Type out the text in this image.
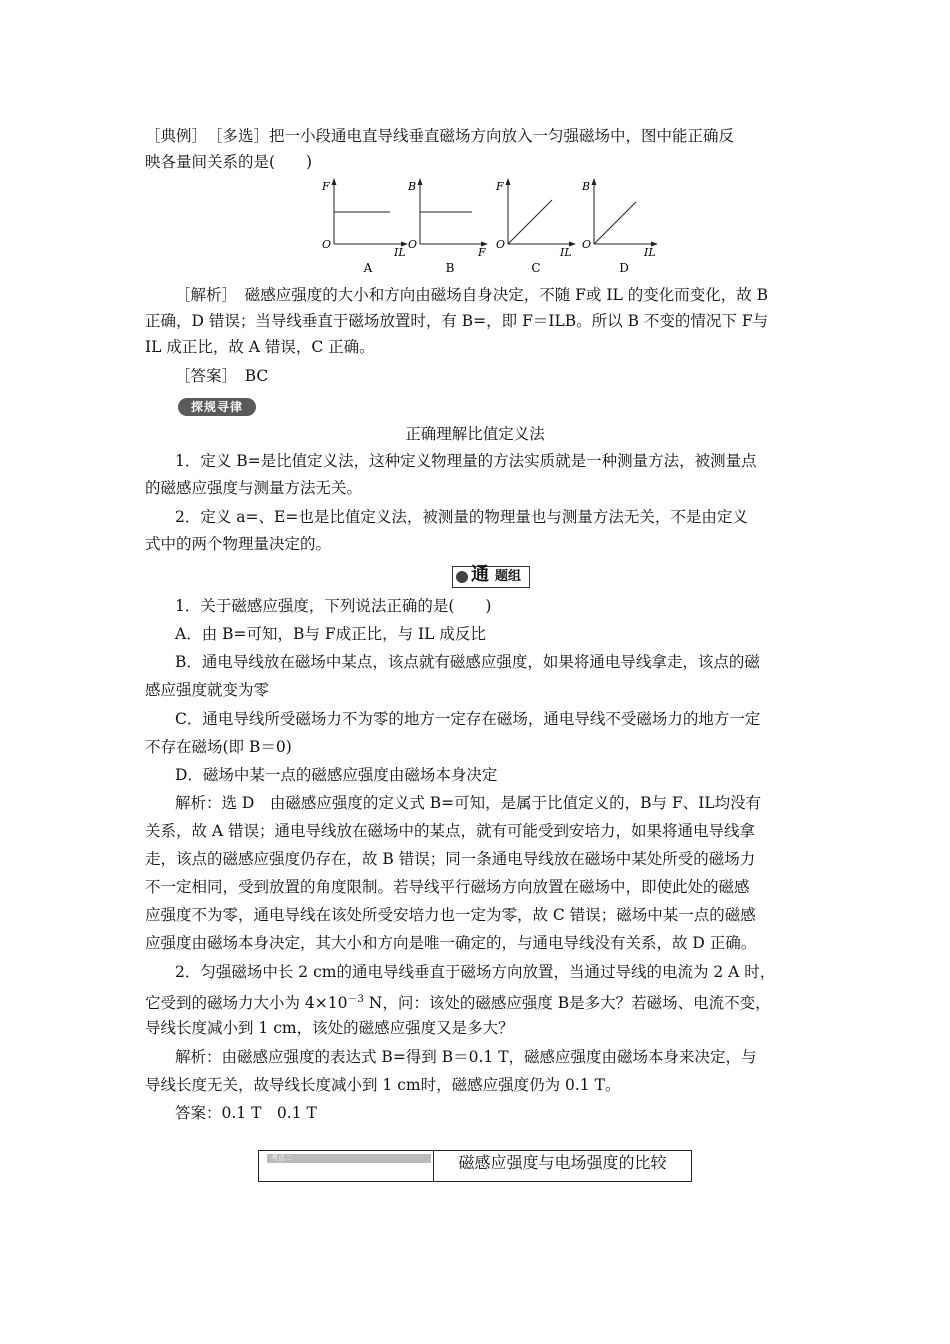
［典例］　［多选］把一小段通电直导线垂直磁场方向放入一匀强磁场中，图中能正确反
映各量间关系的是(　　)
F
O
IL
A
B
O
F
B
F
O
IL
C
B
O
IL
D
［解析］　磁感应强度的大小和方向由磁场自身决定，不随 F或 IL 的变化而变化，故 B
正确，D 错误；当导线垂直于磁场放置时，有 B=，即 F＝ILB。所以 B 不变的情况下 F与
IL 成正比，故 A 错误，C 正确。
［答案］　BC
探规寻律
正确理解比值定义法
1．定义 B=是比值定义法，这种定义物理量的方法实质就是一种测量方法，被测量点
的磁感应强度与测量方法无关。
2．定义 a=、E=也是比值定义法，被测量的物理量也与测量方法无关，不是由定义
式中的两个物理量决定的。
通 题组
1．关于磁感应强度，下列说法正确的是(　　)
A．由 B=可知，B与 F成正比，与 IL 成反比
B．通电导线放在磁场中某点，该点就有磁感应强度，如果将通电导线拿走，该点的磁
感应强度就变为零
C．通电导线所受磁场力不为零的地方一定存在磁场，通电导线不受磁场力的地方一定
不存在磁场(即 B＝0)
D．磁场中某一点的磁感应强度由磁场本身决定
解析：选 D　由磁感应强度的定义式 B=可知，是属于比值定义的，B与 F、IL均没有
关系，故 A 错误；通电导线放在磁场中的某点，就有可能受到安培力，如果将通电导线拿
走，该点的磁感应强度仍存在，故 B 错误；同一条通电导线放在磁场中某处所受的磁场力
不一定相同，受到放置的角度限制。若导线平行磁场方向放置在磁场中，即使此处的磁感
应强度不为零，通电导线在该处所受安培力也一定为零，故 C 错误；磁场中某一点的磁感
应强度由磁场本身决定，其大小和方向是唯一确定的，与通电导线没有关系，故 D 正确。
2．匀强磁场中长 2 cm的通电导线垂直于磁场方向放置，当通过导线的电流为 2 A 时，
它受到的磁场力大小为 $4\times 10^{-3}$ N，问：该处的磁感应强度 B是多大？若磁场、电流不变，
导线长度减小到 1 cm，该处的磁感应强度又是多大？
解析：由磁感应强度的表达式 B=得到 B＝0.1 T，磁感应强度由磁场本身来决定，与
导线长度无关，故导线长度减小到 1 cm时，磁感应强度仍为 0.1 T。
答案：0.1 T　0.1 T
考点二	磁感应强度与电场强度的比较
